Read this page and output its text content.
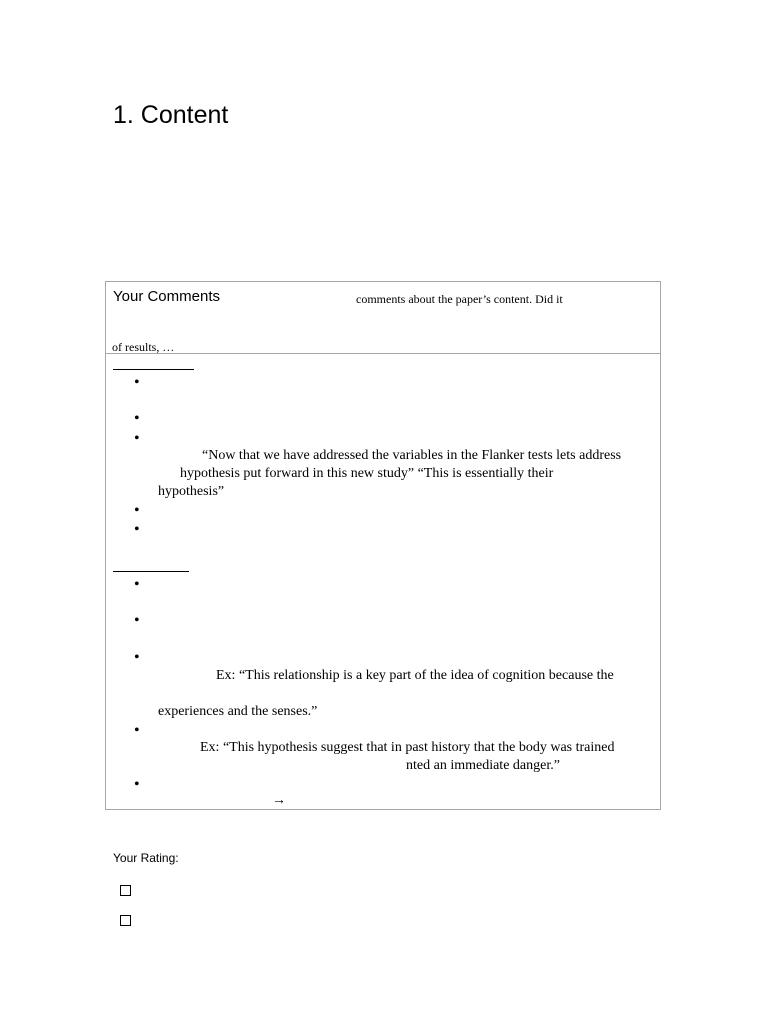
1. Content
Your Comments	comments about the paper’s content. Did it
of results, …
•
•
•
“Now that we have addressed the variables in the Flanker tests lets address
hypothesis put forward in this new study” “This is essentially their
hypothesis”
•
•
•
•
•
Ex: “This relationship is a key part of the idea of cognition because the
experiences and the senses.”
•
Ex: “This hypothesis suggest that in past history that the body was trained
nted an immediate danger.”
•
→
Your Rating:
